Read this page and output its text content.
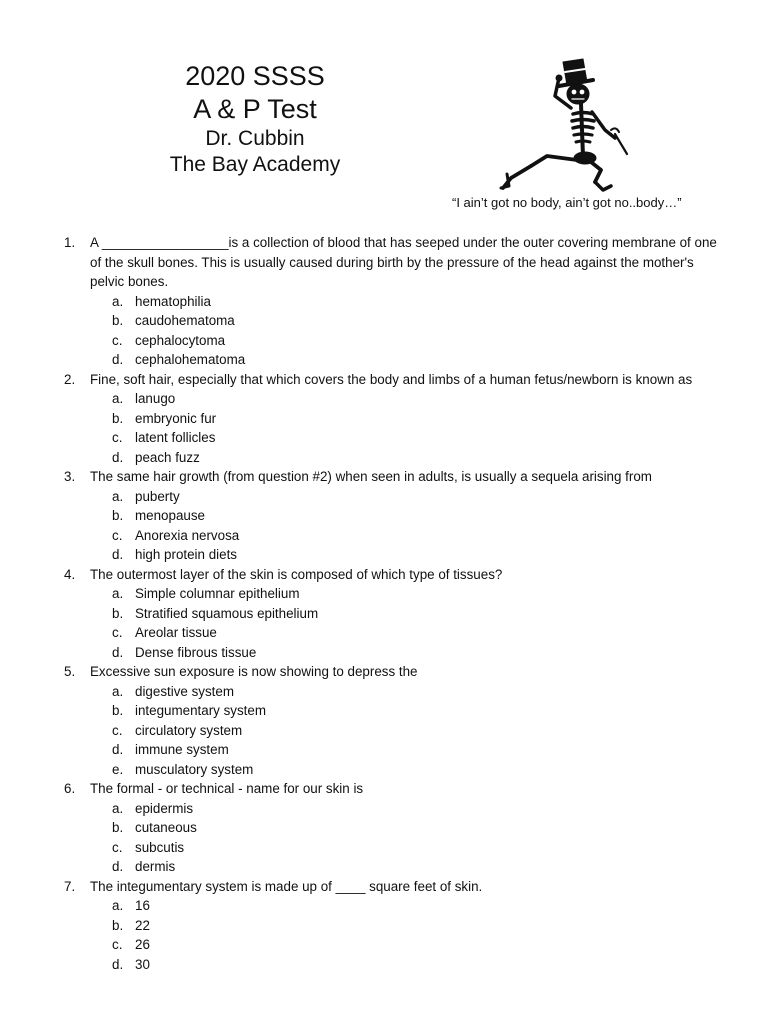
2020 SSSS
A & P Test
Dr. Cubbin
The Bay Academy
“I ain’t got no body, ain’t got no..body…”
1.	A _________________is a collection of blood that has seeped under the outer covering membrane of one of the skull bones. This is usually caused during birth by the pressure of the head against the mother's pelvic bones.
a. hematophilia
b. caudohematoma
c. cephalocytoma
d. cephalohematoma
2.	Fine, soft hair, especially that which covers the body and limbs of a human fetus/newborn is known as
a. lanugo
b. embryonic fur
c. latent follicles
d. peach fuzz
3.	The same hair growth (from question #2) when seen in adults, is usually a sequela arising from
a. puberty
b. menopause
c. Anorexia nervosa
d. high protein diets
4.	The outermost layer of the skin is composed of which type of tissues?
a. Simple columnar epithelium
b. Stratified squamous epithelium
c. Areolar tissue
d. Dense fibrous tissue
5.	Excessive sun exposure is now showing to depress the
a. digestive system
b. integumentary system
c. circulatory system
d. immune system
e. musculatory system
6.	The formal - or technical - name for our skin is
a. epidermis
b. cutaneous
c. subcutis
d. dermis
7.	The integumentary system is made up of ____ square feet of skin.
a. 16
b. 22
c. 26
d. 30
